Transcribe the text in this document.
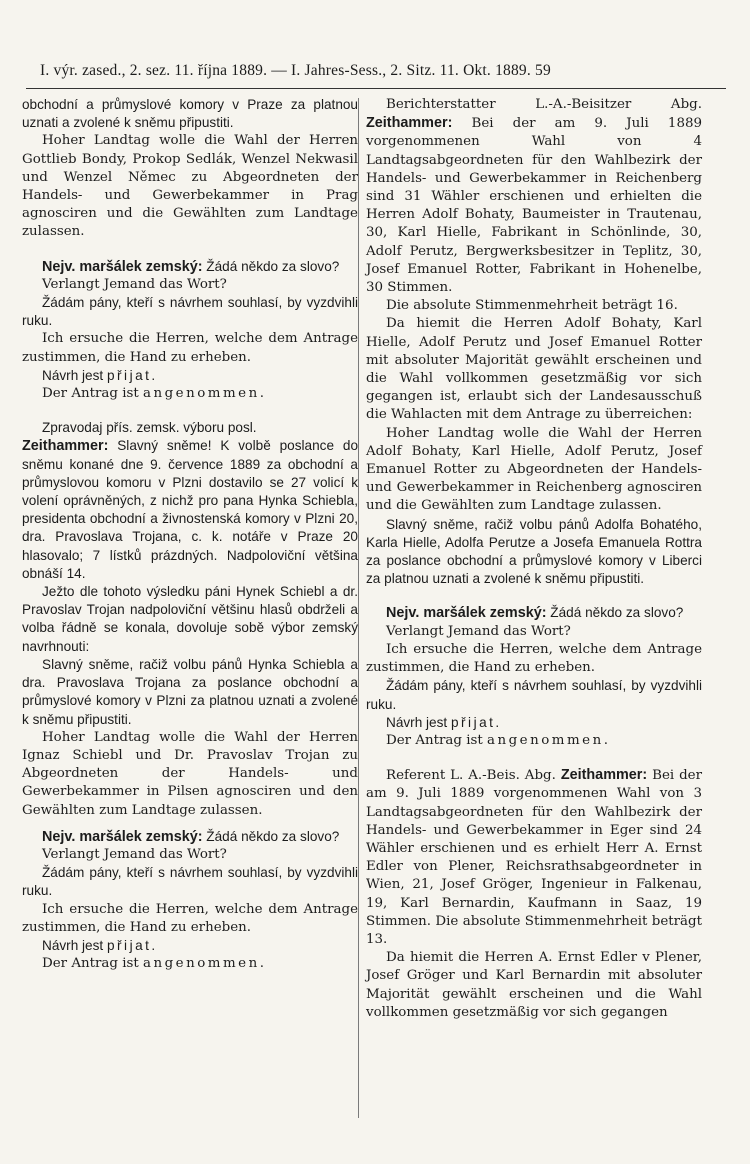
I. výr. zased., 2. sez. 11. října 1889. — I. Jahres-Sess., 2. Sitz. 11. Okt. 1889. 59

obchodní a průmyslové komory v Praze za platnou uznati a zvolené k sněmu připustiti.

Hoher Landtag wolle die Wahl der Herren Gottlieb Bondy, Prokop Sedlák, Wenzel Nekwasil und Wenzel Němec zu Abgeordneten der Handels- und Gewerbekammer in Prag agnosciren und die Gewählten zum Landtage zulassen.

Nejv. maršálek zemský: Žádá někdo za slovo?

Verlangt Jemand das Wort?

Žádám pány, kteří s návrhem souhlasí, by vyzdvihli ruku.

Ich ersuche die Herren, welche dem Antrage zustimmen, die Hand zu erheben.

Návrh jest přijat.

Der Antrag ist angenommen.

Zpravodaj přís. zemsk. výboru posl.
Zeithammer: Slavný sněme! K volbě poslance do sněmu konané dne 9. července 1889 za obchodní a průmyslovou komoru v Plzni dostavilo se 27 volicí k volení oprávněných, z nichž pro pana Hynka Schiebla, presidenta obchodní a živnostenská komory v Plzni 20, dra. Pravoslava Trojana, c. k. notáře v Praze 20 hlasovalo; 7 lístků prázdných. Nadpoloviční většina obnáší 14.

Ježto dle tohoto výsledku páni Hynek Schiebl a dr. Pravoslav Trojan nadpoloviční většinu hlasů obdrželi a volba řádně se konala, dovoluje sobě výbor zemský navrhnouti:

Slavný sněme, račiž volbu pánů Hynka Schiebla a dra. Pravoslava Trojana za poslance obchodní a průmyslové komory v Plzni za platnou uznati a zvolené k sněmu připustiti.

Hoher Landtag wolle die Wahl der Herren Ignaz Schiebl und Dr. Pravoslav Trojan zu Abgeordneten der Handels- und Gewerbekammer in Pilsen agnosciren und den Gewählten zum Landtage zulassen.

Nejv. maršálek zemský: Žádá někdo za slovo?

Verlangt Jemand das Wort?

Žádám pány, kteří s návrhem souhlasí, by vyzdvihli ruku.

Ich ersuche die Herren, welche dem Antrage zustimmen, die Hand zu erheben.

Návrh jest přijat.

Der Antrag ist angenommen.

Berichterstatter L.-A.-Beisitzer Abg. Zeithammer: Bei der am 9. Juli 1889 vorgenommenen Wahl von 4 Landtagsabgeordneten für den Wahlbezirk der Handels- und Gewerbekammer in Reichenberg sind 31 Wähler erschienen und erhielten die Herren Adolf Bohaty, Baumeister in Trautenau, 30, Karl Hielle, Fabrikant in Schönlinde, 30, Adolf Perutz, Bergwerksbesitzer in Teplitz, 30, Josef Emanuel Rotter, Fabrikant in Hohenelbe, 30 Stimmen.

Die absolute Stimmenmehrheit beträgt 16.

Da hiemit die Herren Adolf Bohaty, Karl Hielle, Adolf Perutz und Josef Emanuel Rotter mit absoluter Majorität gewählt erscheinen und die Wahl vollkommen gesetzmäßig vor sich gegangen ist, erlaubt sich der Landesausschuß die Wahlacten mit dem Antrage zu überreichen:

Hoher Landtag wolle die Wahl der Herren Adolf Bohaty, Karl Hielle, Adolf Perutz, Josef Emanuel Rotter zu Abgeordneten der Handels- und Gewerbekammer in Reichenberg agnosciren und die Gewählten zum Landtage zulassen.

Slavný sněme, račiž volbu pánů Adolfa Bohatého, Karla Hielle, Adolfa Perutze a Josefa Emanuela Rottra za poslance obchodní a průmyslové komory v Liberci za platnou uznati a zvolené k sněmu připustiti.

Nejv. maršálek zemský: Žádá někdo za slovo?

Verlangt Jemand das Wort?

Ich ersuche die Herren, welche dem Antrage zustimmen, die Hand zu erheben.

Žádám pány, kteří s návrhem souhlasí, by vyzdvihli ruku.

Návrh jest přijat.

Der Antrag ist angenommen.

Referent L. A.-Beis. Abg. Zeithammer: Bei der am 9. Juli 1889 vorgenommenen Wahl von 3 Landtagsabgeordneten für den Wahlbezirk der Handels- und Gewerbekammer in Eger sind 24 Wähler erschienen und es erhielt Herr A. Ernst Edler von Plener, Reichsrathsabgeordneter in Wien, 21, Josef Gröger, Ingenieur in Falkenau, 19, Karl Bernardin, Kaufmann in Saaz, 19 Stimmen. Die absolute Stimmenmehrheit beträgt 13.

Da hiemit die Herren A. Ernst Edler v Plener, Josef Gröger und Karl Bernardin mit absoluter Majorität gewählt erscheinen und die Wahl vollkommen gesetzmäßig vor sich gegangen
